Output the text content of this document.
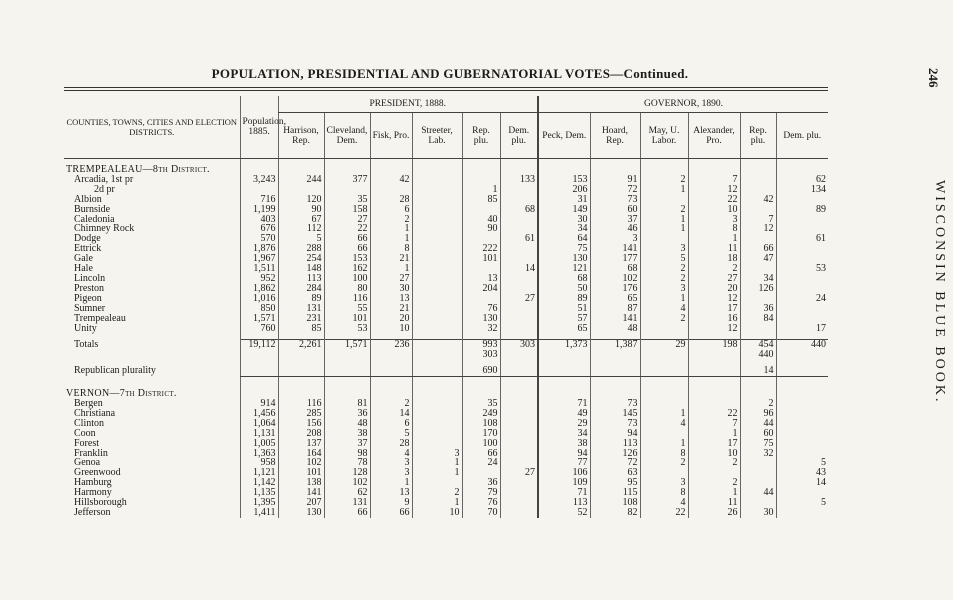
POPULATION, PRESIDENTIAL AND GUBERNATORIAL VOTES—Continued.	246
WISCONSIN BLUE BOOK.
COUNTIES, TOWNS, CITIES AND ELECTION DISTRICTS.	Population, 1885.	PRESIDENT, 1888.						GOVERNOR, 1890.					
		Harrison, Rep.	Cleveland, Dem.	Fisk, Pro.	Streeter, Lab.	Rep. plu.	Dem. plu.	Peck, Dem.	Hoard, Rep.	May, U. Labor.	Alexander, Pro.	Rep. plu.	Dem. plu.

TREMPEALEAU—8th District.													
Arcadia, 1st pr	3,243	244	377	42			133	153	91	2	7		62
2d pr						1		206	72	1	12		134
Albion	716	120	35	28		85		31	73		22	42	
Burnside	1,199	90	158	6			68	149	60	2	10		89
Caledonia	403	67	27	2		40		30	37	1	3	7	
Chimney Rock	676	112	22	1		90		34	46	1	8	12	
Dodge	570	5	66	1			61	64	3		1		61
Ettrick	1,876	288	66	8		222		75	141	3	11	66	
Gale	1,967	254	153	21		101		130	177	5	18	47	
Hale	1,511	148	162	1			14	121	68	2	2		53
Lincoln	952	113	100	27		13		68	102	2	27	34	
Preston	1,862	284	80	30		204		50	176	3	20	126	
Pigeon	1,016	89	116	13			27	89	65	1	12		24
Sumner	850	131	55	21		76		51	87	4	17	36	
Trempealeau	1,571	231	101	20		130		57	141	2	16	84	
Unity	760	85	53	10		32		65	48		12		17

Totals	19,112	2,261	1,571	236		993	303	1,373	1,387	29	198	454	440
						303						440	

Republican plurality						690						14	

VERNON—7th District.													
Bergen	914	116	81	2		35		71	73			2	
Christiana	1,456	285	36	14		249		49	145	1	22	96	
Clinton	1,064	156	48	6		108		29	73	4	7	44	
Coon	1,131	208	38	5		170		34	94		1	60	
Forest	1,005	137	37	28		100		38	113	1	17	75	
Franklin	1,363	164	98	4	3	66		94	126	8	10	32	
Genoa	958	102	78	3	1	24		77	72	2	2		5
Greenwood	1,121	101	128	3	1		27	106	63				43
Hamburg	1,142	138	102	1		36		109	95	3	2		14
Harmony	1,135	141	62	13	2	79		71	115	8	1	44	
Hillsborough	1,395	207	131	9	1	76		113	108	4	11		5
Jefferson	1,411	130	66	66	10	70		52	82	22	26	30	
